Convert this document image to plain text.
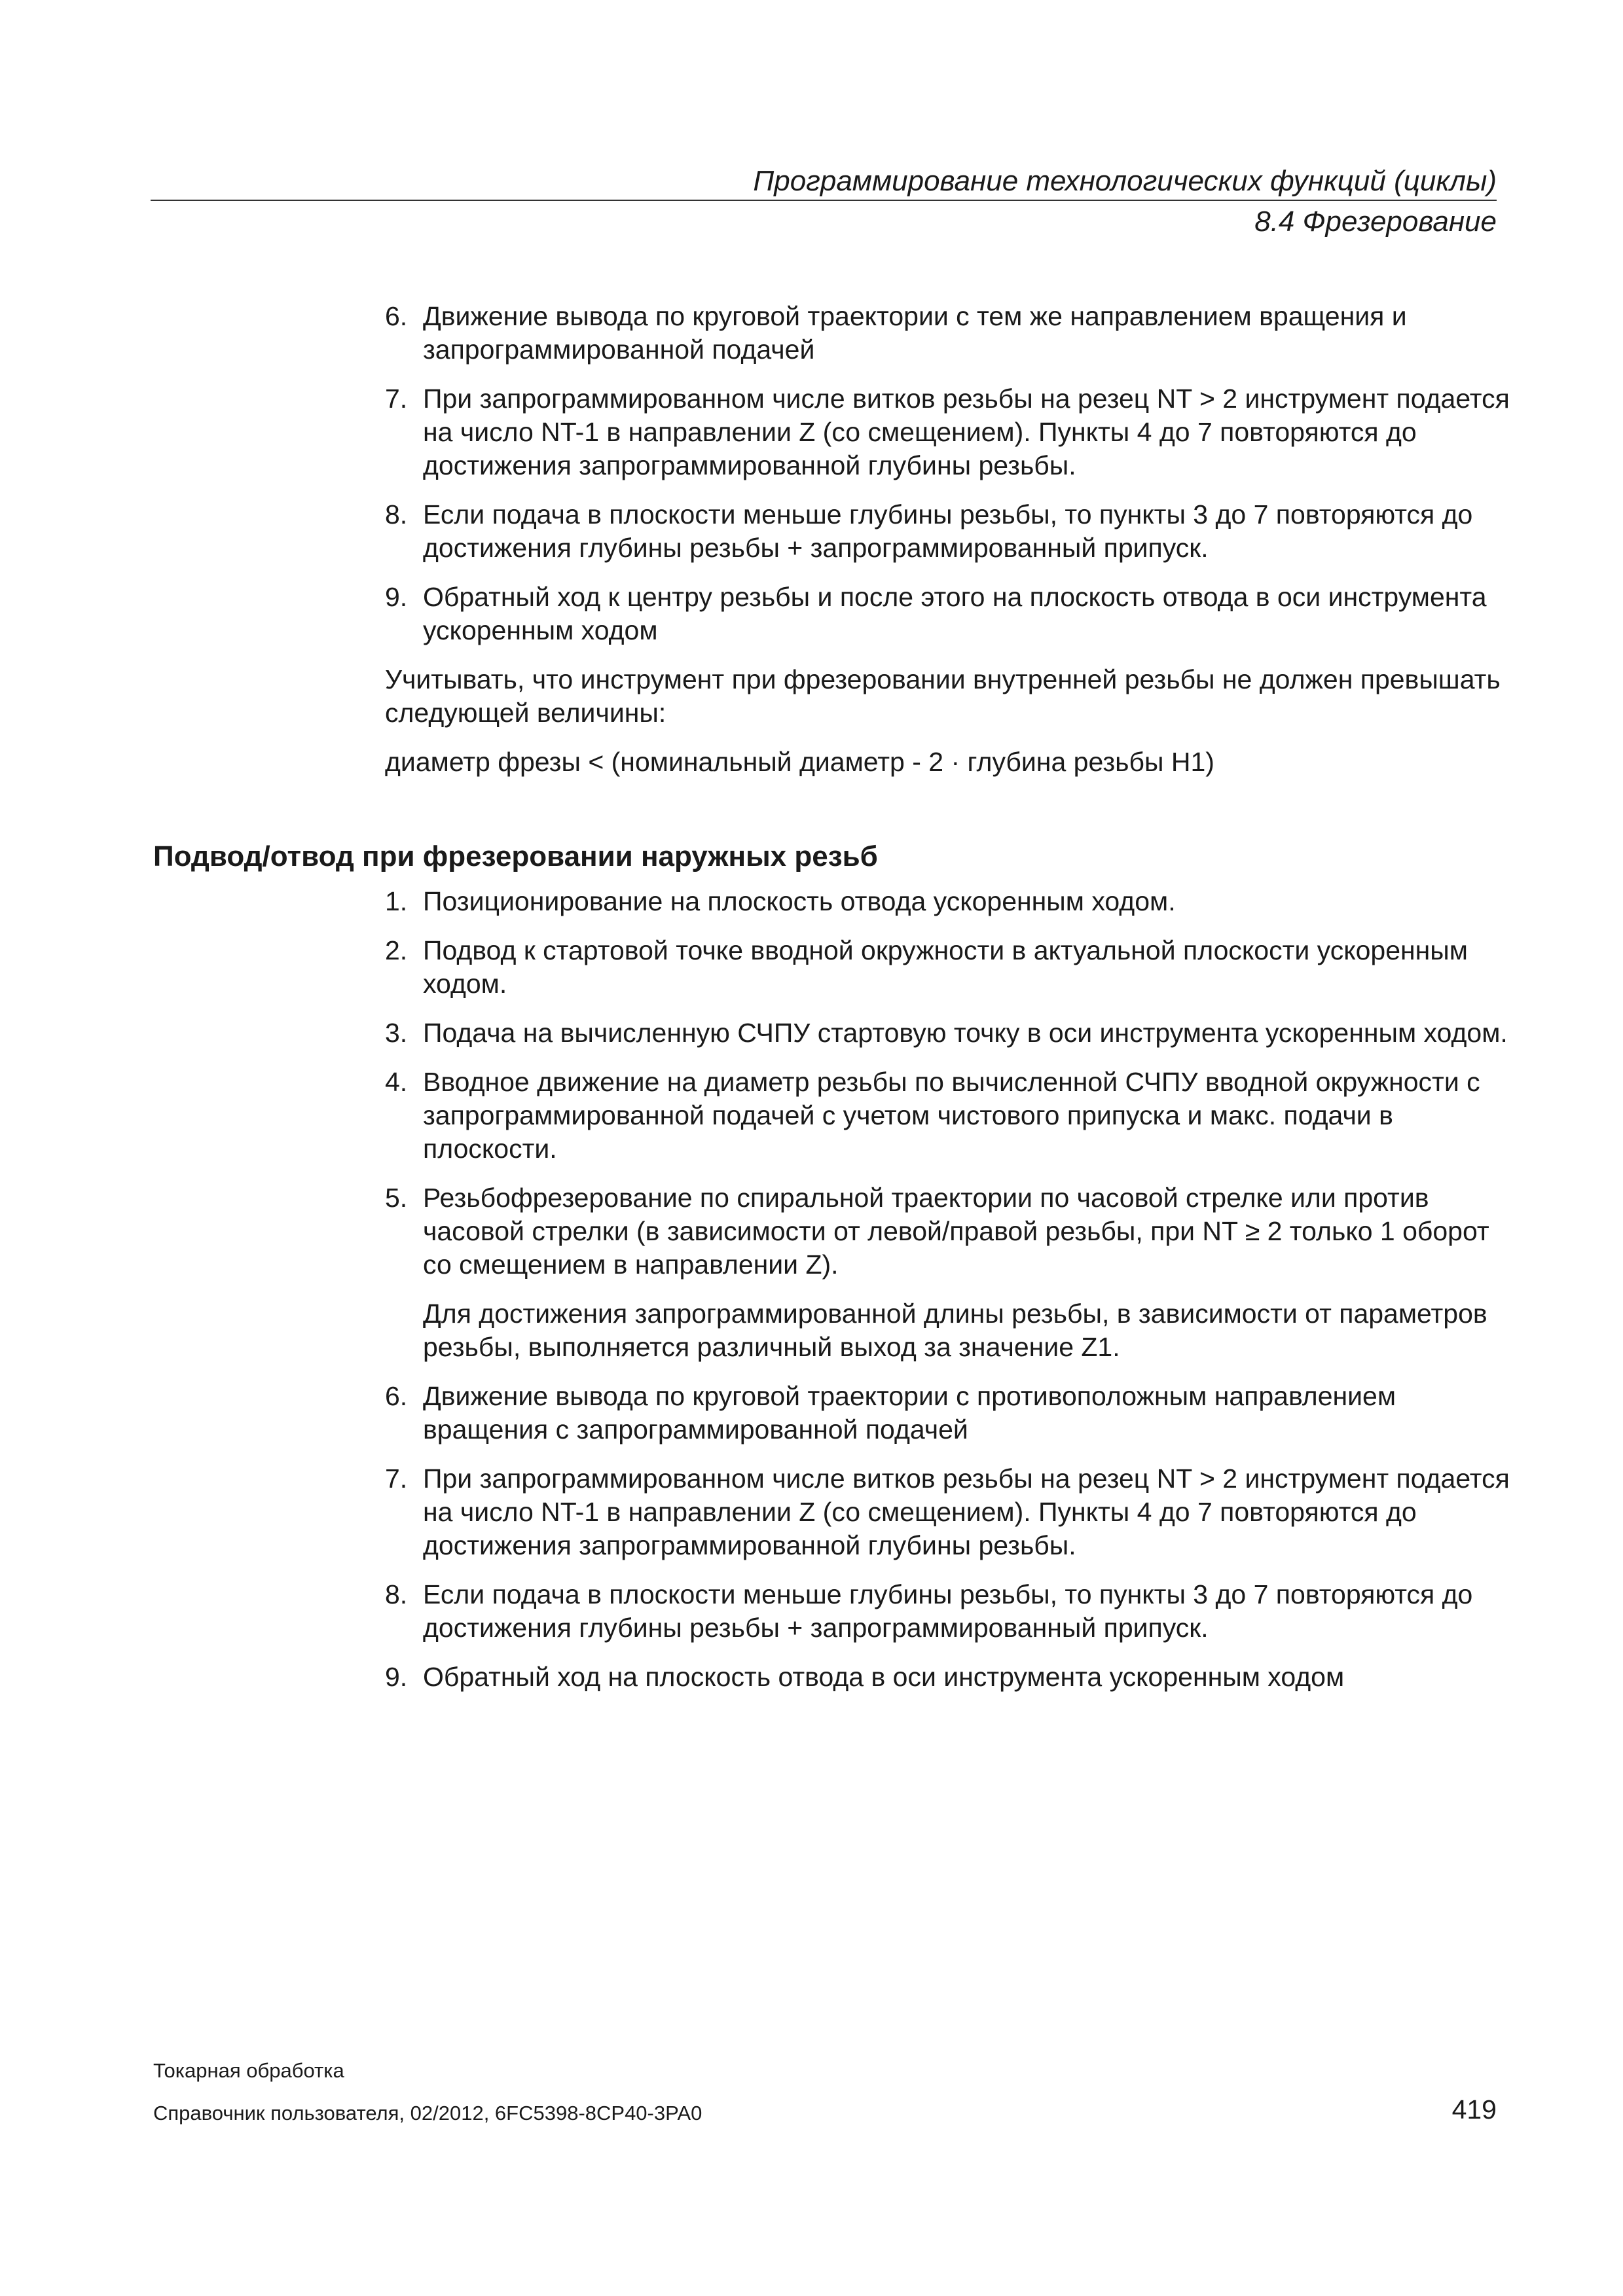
Программирование технологических функций (циклы)
8.4 Фрезерование
6. Движение вывода по круговой траектории с тем же направлением вращения и запрограммированной подачей
7. При запрограммированном числе витков резьбы на резец NT > 2 инструмент подается на число NT-1 в направлении Z (со смещением). Пункты 4 до 7 повторяются до достижения запрограммированной глубины резьбы.
8. Если подача в плоскости меньше глубины резьбы, то пункты 3 до 7 повторяются до достижения глубины резьбы + запрограммированный припуск.
9. Обратный ход к центру резьбы и после этого на плоскость отвода в оси инструмента ускоренным ходом

Учитывать, что инструмент при фрезеровании внутренней резьбы не должен превышать следующей величины:

диаметр фрезы < (номинальный диаметр - 2 · глубина резьбы H1)

Подвод/отвод при фрезеровании наружных резьб
1. Позиционирование на плоскость отвода ускоренным ходом.
2. Подвод к стартовой точке вводной окружности в актуальной плоскости ускоренным ходом.
3. Подача на вычисленную СЧПУ стартовую точку в оси инструмента ускоренным ходом.
4. Вводное движение на диаметр резьбы по вычисленной СЧПУ вводной окружности с запрограммированной подачей с учетом чистового припуска и макс. подачи в плоскости.
5. Резьбофрезерование по спиральной траектории по часовой стрелке или против часовой стрелки (в зависимости от левой/правой резьбы, при NT ≥ 2 только 1 оборот со смещением в направлении Z).
Для достижения запрограммированной длины резьбы, в зависимости от параметров резьбы, выполняется различный выход за значение Z1.
6. Движение вывода по круговой траектории с противоположным направлением вращения с запрограммированной подачей
7. При запрограммированном числе витков резьбы на резец NT > 2 инструмент подается на число NT-1 в направлении Z (со смещением). Пункты 4 до 7 повторяются до достижения запрограммированной глубины резьбы.
8. Если подача в плоскости меньше глубины резьбы, то пункты 3 до 7 повторяются до достижения глубины резьбы + запрограммированный припуск.
9. Обратный ход на плоскость отвода в оси инструмента ускоренным ходом
Токарная обработка
Справочник пользователя, 02/2012, 6FC5398-8CP40-3PA0	419
